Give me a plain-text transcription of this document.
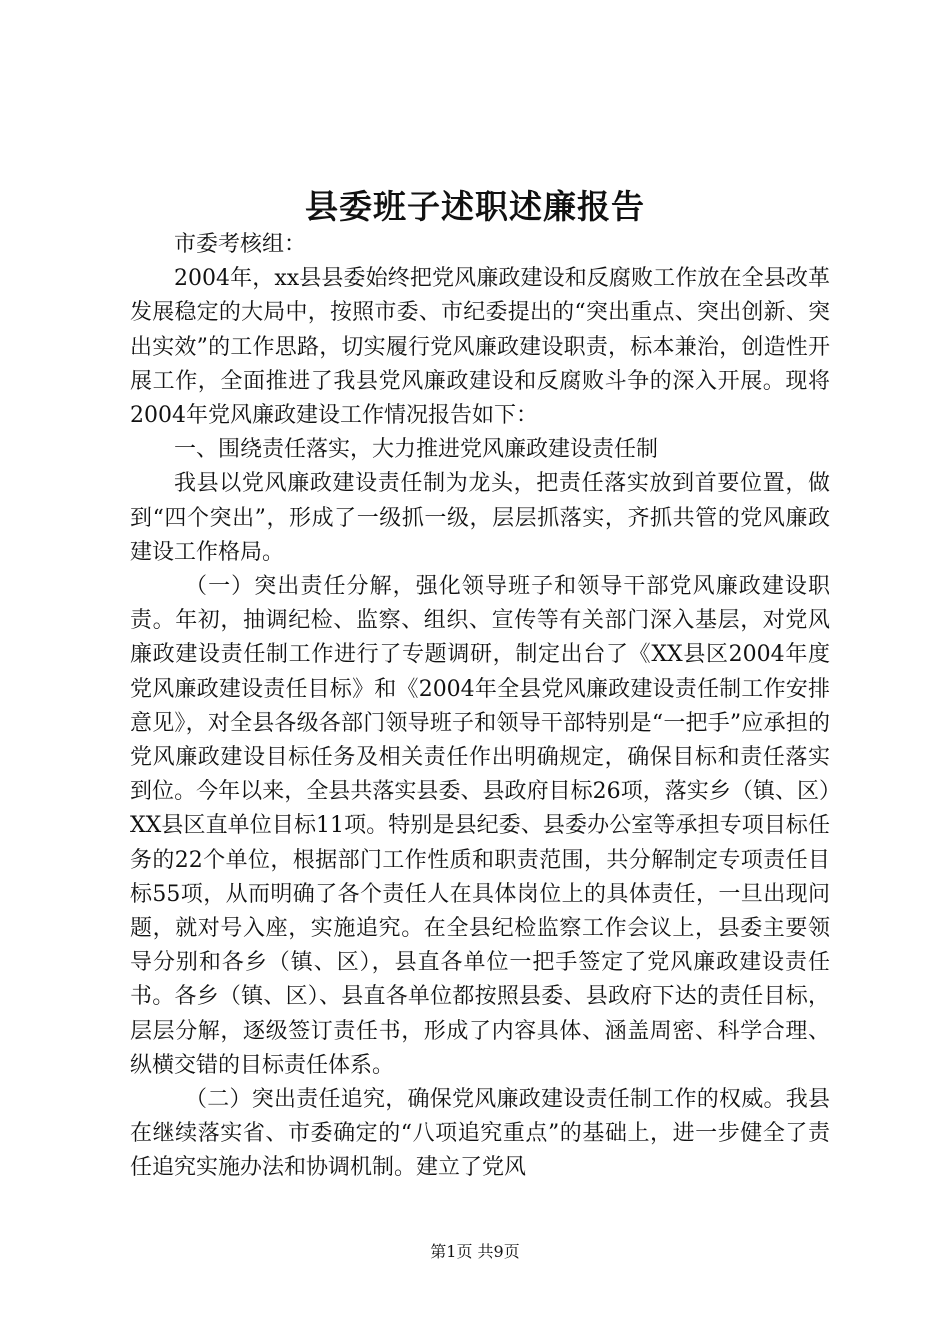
县委班子述职述廉报告

市委考核组：

2004年，xx县县委始终把党风廉政建设和反腐败工作放在全县改革发展稳定的大局中，按照市委、市纪委提出的“突出重点、突出创新、突出实效”的工作思路，切实履行党风廉政建设职责，标本兼治，创造性开展工作，全面推进了我县党风廉政建设和反腐败斗争的深入开展。现将2004年党风廉政建设工作情况报告如下：

一、围绕责任落实，大力推进党风廉政建设责任制

我县以党风廉政建设责任制为龙头，把责任落实放到首要位置，做到“四个突出”，形成了一级抓一级，层层抓落实，齐抓共管的党风廉政建设工作格局。

（一）突出责任分解，强化领导班子和领导干部党风廉政建设职责。年初，抽调纪检、监察、组织、宣传等有关部门深入基层，对党风廉政建设责任制工作进行了专题调研，制定出台了《XX县区2004年度党风廉政建设责任目标》和《2004年全县党风廉政建设责任制工作安排意见》，对全县各级各部门领导班子和领导干部特别是“一把手”应承担的党风廉政建设目标任务及相关责任作出明确规定，确保目标和责任落实到位。今年以来，全县共落实县委、县政府目标26项，落实乡（镇、区）XX县区直单位目标11项。特别是县纪委、县委办公室等承担专项目标任务的22个单位，根据部门工作性质和职责范围，共分解制定专项责任目标55项，从而明确了各个责任人在具体岗位上的具体责任，一旦出现问题，就对号入座，实施追究。在全县纪检监察工作会议上，县委主要领导分别和各乡（镇、区），县直各单位一把手签定了党风廉政建设责任书。各乡（镇、区）、县直各单位都按照县委、县政府下达的责任目标，层层分解，逐级签订责任书，形成了内容具体、涵盖周密、科学合理、纵横交错的目标责任体系。

（二）突出责任追究，确保党风廉政建设责任制工作的权威。我县在继续落实省、市委确定的“八项追究重点”的基础上，进一步健全了责任追究实施办法和协调机制。建立了党风

第1页 共9页
